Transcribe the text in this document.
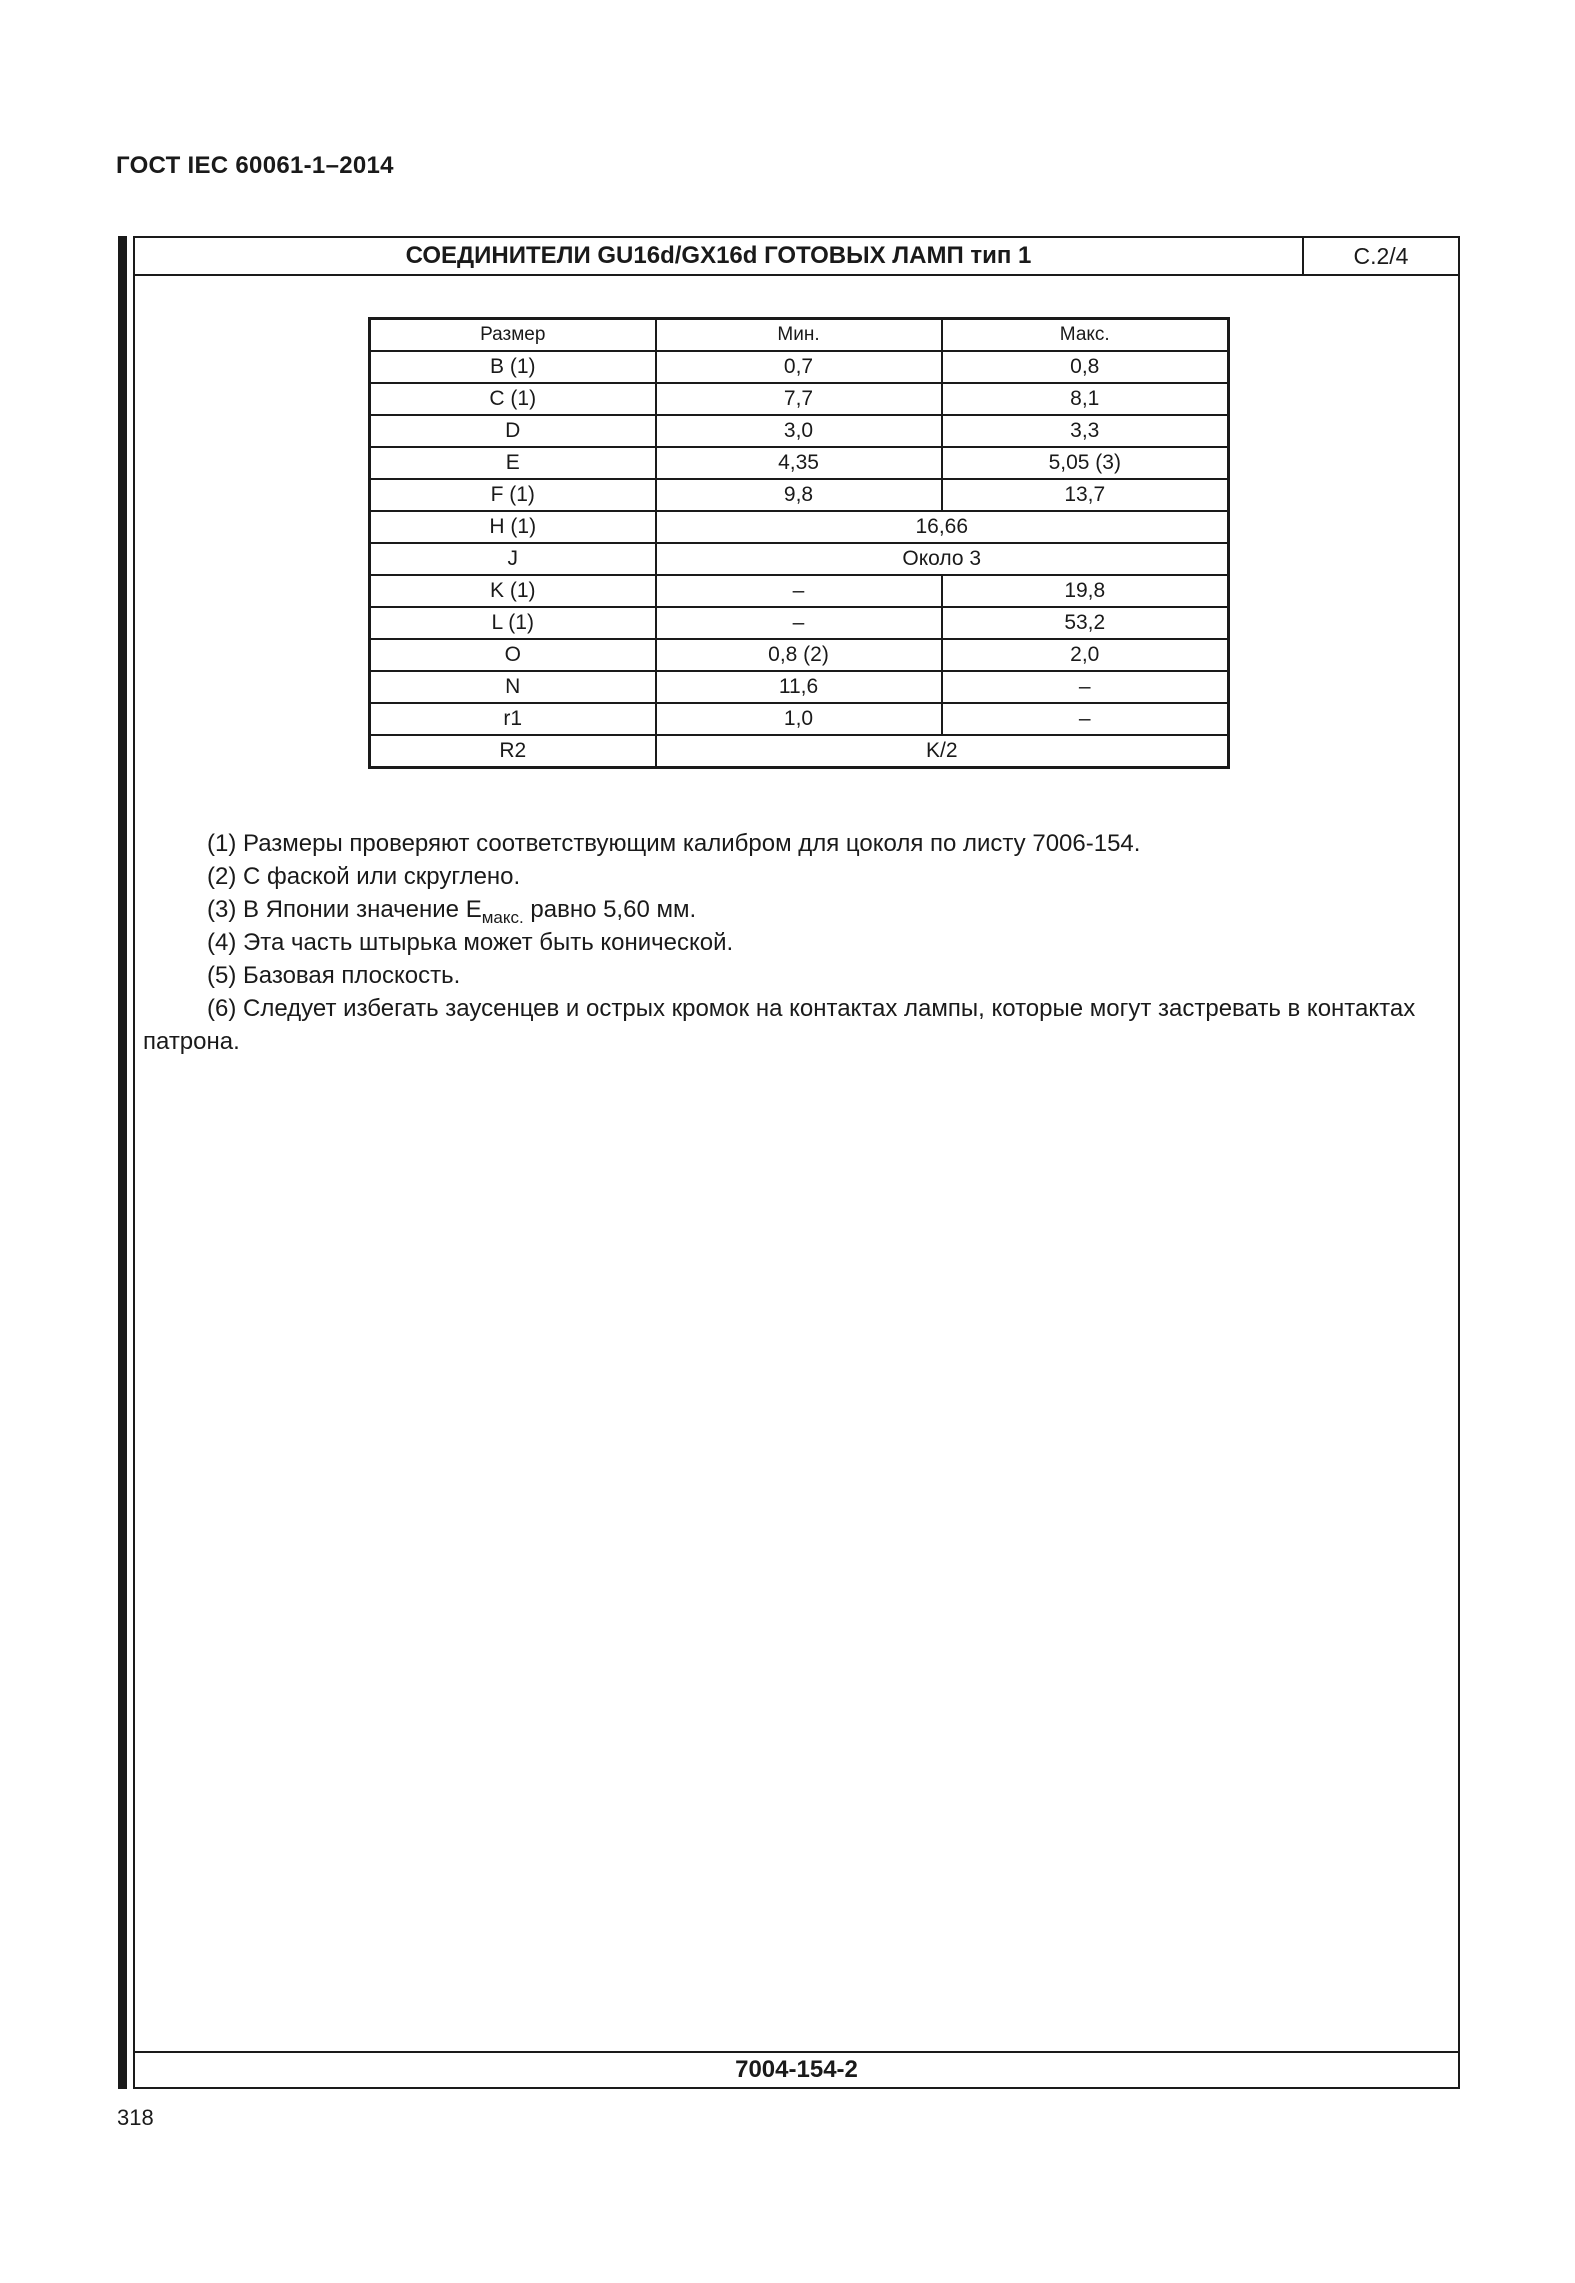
ГОСТ IEC 60061-1–2014
СОЕДИНИТЕЛИ GU16d/GX16d ГОТОВЫХ ЛАМП тип 1	C.2/4
Размер	Мин.	Макс.
B (1)	0,7	0,8
C (1)	7,7	8,1
D	3,0	3,3
E	4,35	5,05 (3)
F (1)	9,8	13,7
H (1)	16,66	
J	Около 3	
K (1)	–	19,8
L (1)	–	53,2
O	0,8 (2)	2,0
N	11,6	–
r1	1,0	–
R2	K/2	

(1) Размеры проверяют соответствующим калибром для цоколя по листу 7006-154.

(2) С фаской или скруглено.

(3) В Японии значение $E_{макс.}$ равно 5,60 мм.

(4) Эта часть штырька может быть конической.

(5) Базовая плоскость.

(6) Следует избегать заусенцев и острых кромок на контактах лампы, которые могут застревать в контактах патрона.

7004-154-2
318
